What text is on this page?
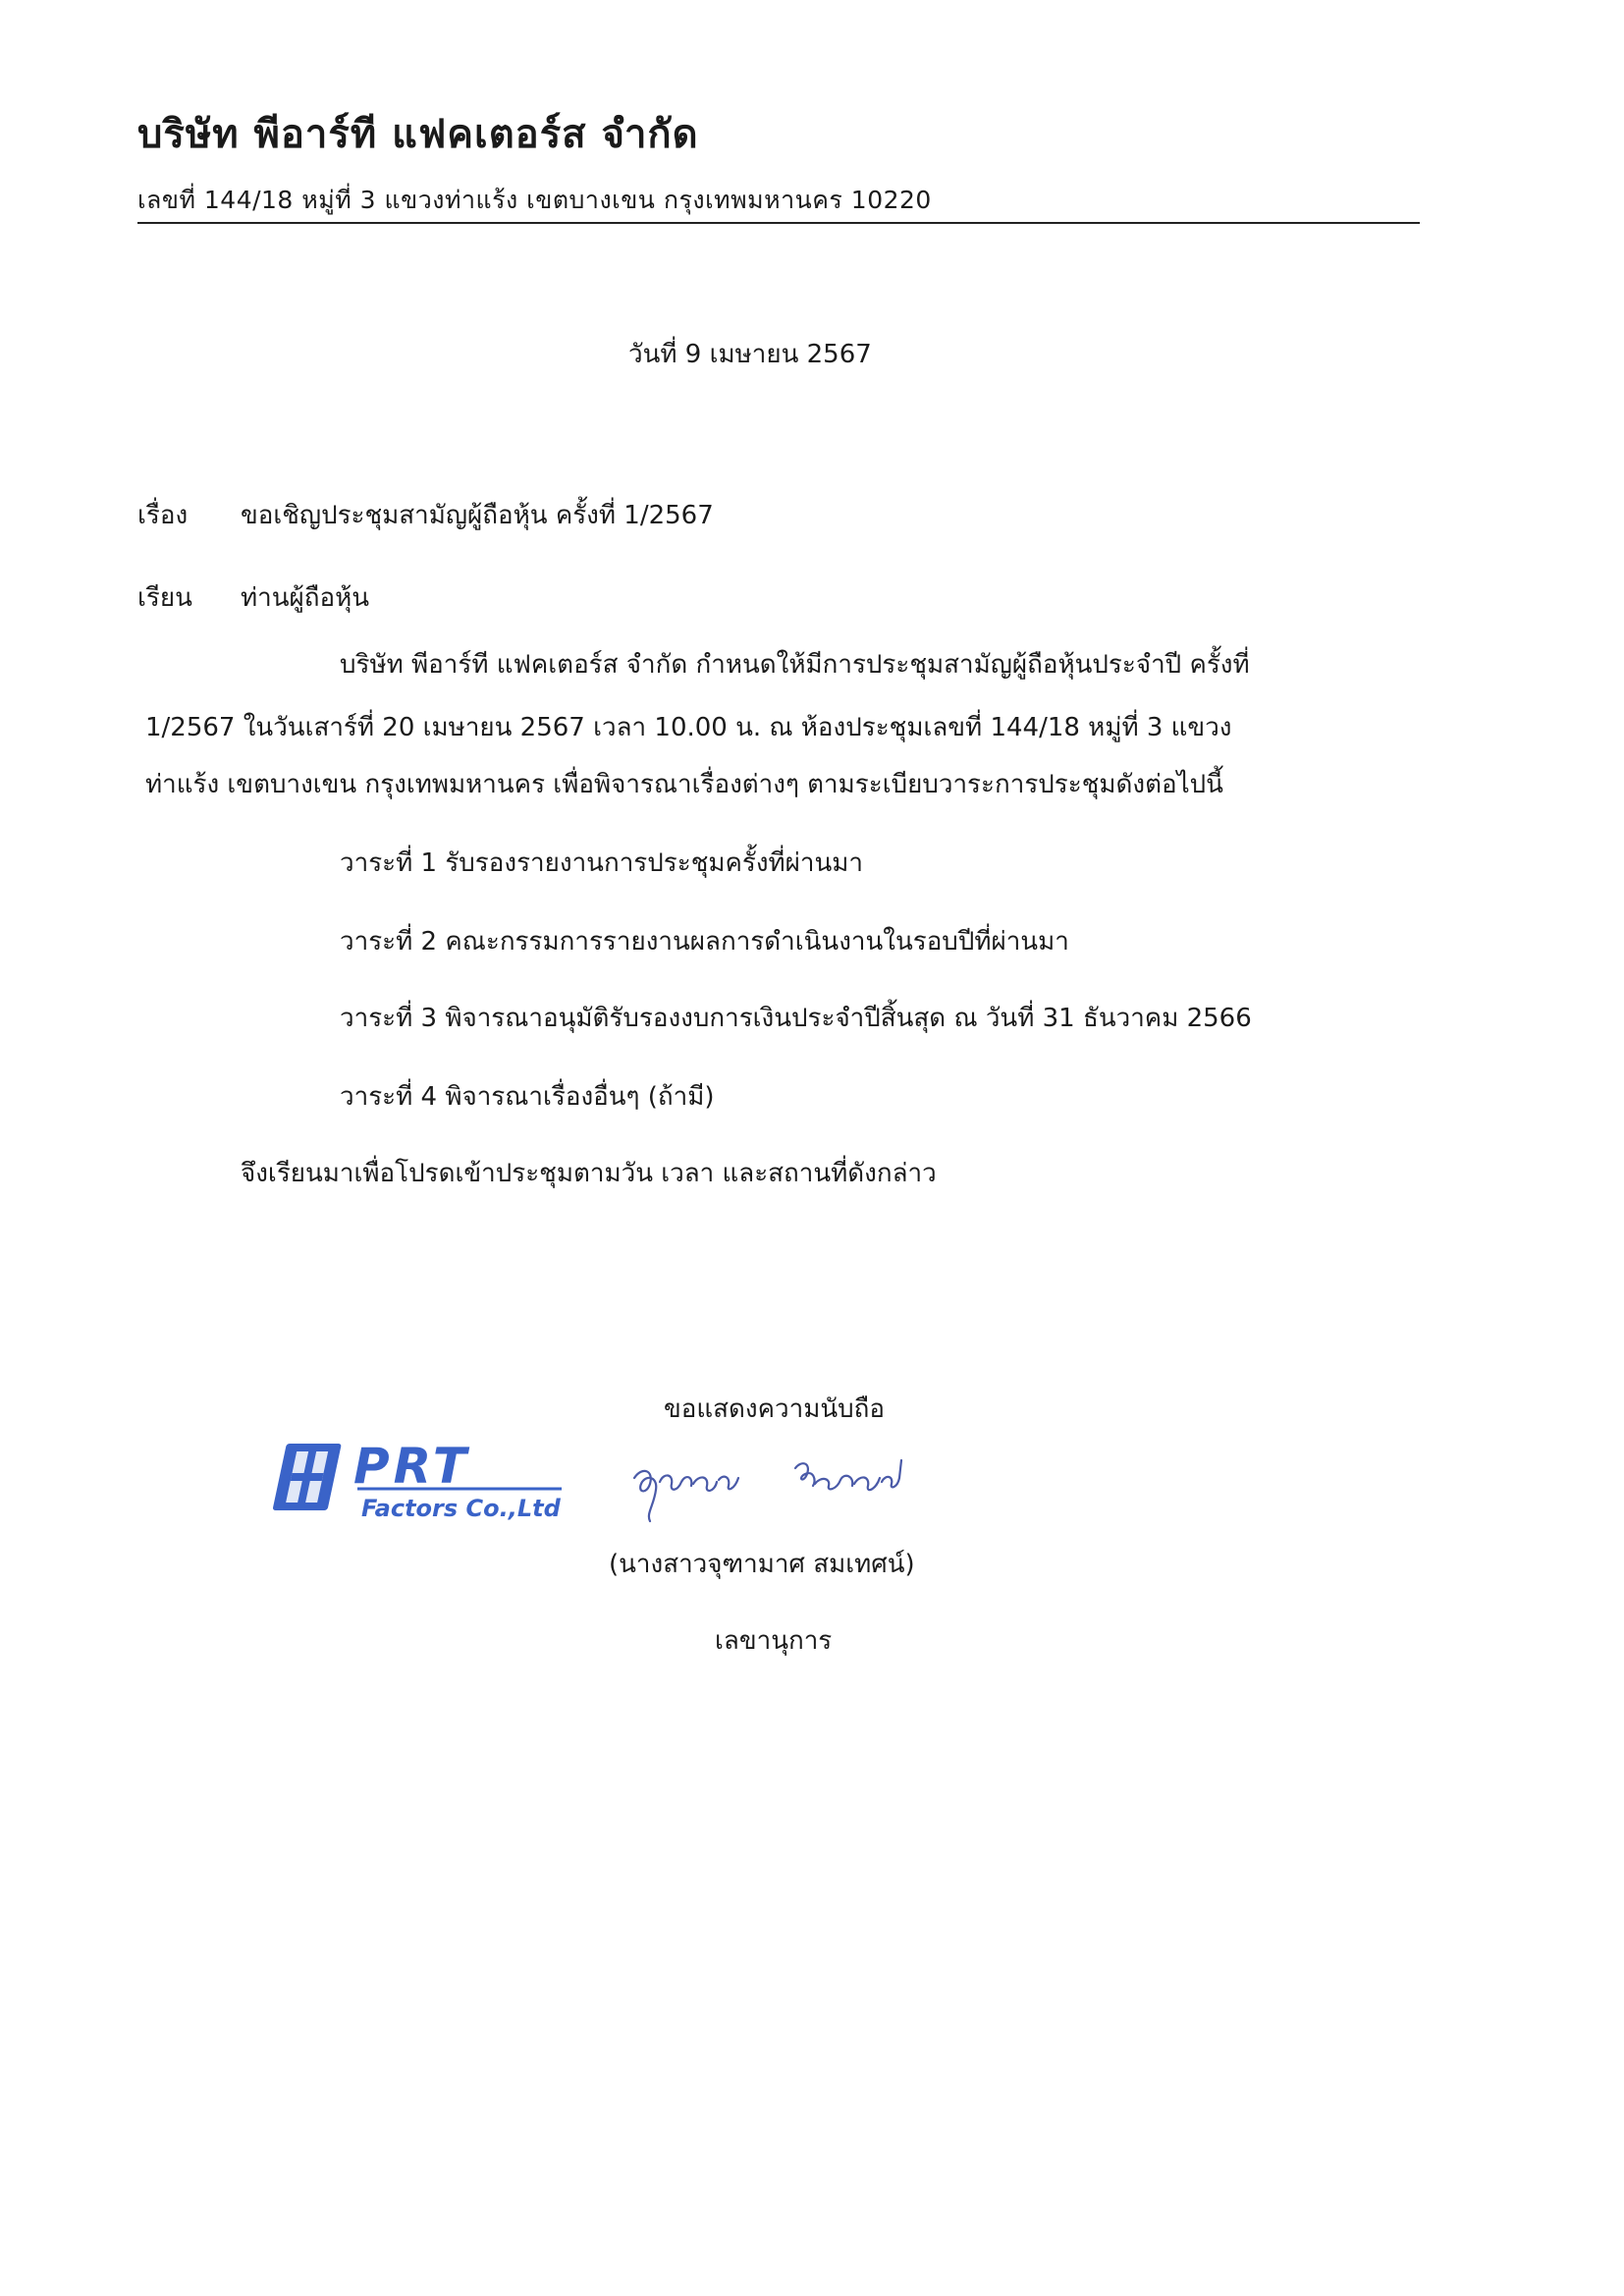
บริษัท พีอาร์ที แฟคเตอร์ส จำกัด
เลขที่ 144/18 หมู่ที่ 3 แขวงท่าแร้ง เขตบางเขน กรุงเทพมหานคร 10220
วันที่ 9 เมษายน 2567
เรื่อง ขอเชิญประชุมสามัญผู้ถือหุ้น ครั้งที่ 1/2567
เรียน ท่านผู้ถือหุ้น
บริษัท พีอาร์ที แฟคเตอร์ส จำกัด กำหนดให้มีการประชุมสามัญผู้ถือหุ้นประจำปี ครั้งที่
1/2567 ในวันเสาร์ที่ 20 เมษายน 2567 เวลา 10.00 น. ณ ห้องประชุมเลขที่ 144/18 หมู่ที่ 3 แขวง
ท่าแร้ง เขตบางเขน กรุงเทพมหานคร เพื่อพิจารณาเรื่องต่างๆ ตามระเบียบวาระการประชุมดังต่อไปนี้
วาระที่ 1 รับรองรายงานการประชุมครั้งที่ผ่านมา
วาระที่ 2 คณะกรรมการรายงานผลการดำเนินงานในรอบปีที่ผ่านมา
วาระที่ 3 พิจารณาอนุมัติรับรองงบการเงินประจำปีสิ้นสุด ณ วันที่ 31 ธันวาคม 2566
วาระที่ 4 พิจารณาเรื่องอื่นๆ (ถ้ามี)
จึงเรียนมาเพื่อโปรดเข้าประชุมตามวัน เวลา และสถานที่ดังกล่าว
ขอแสดงความนับถือ
PRT
Factors Co.,Ltd
(นางสาวจุฑามาศ สมเทศน์)
เลขานุการ
